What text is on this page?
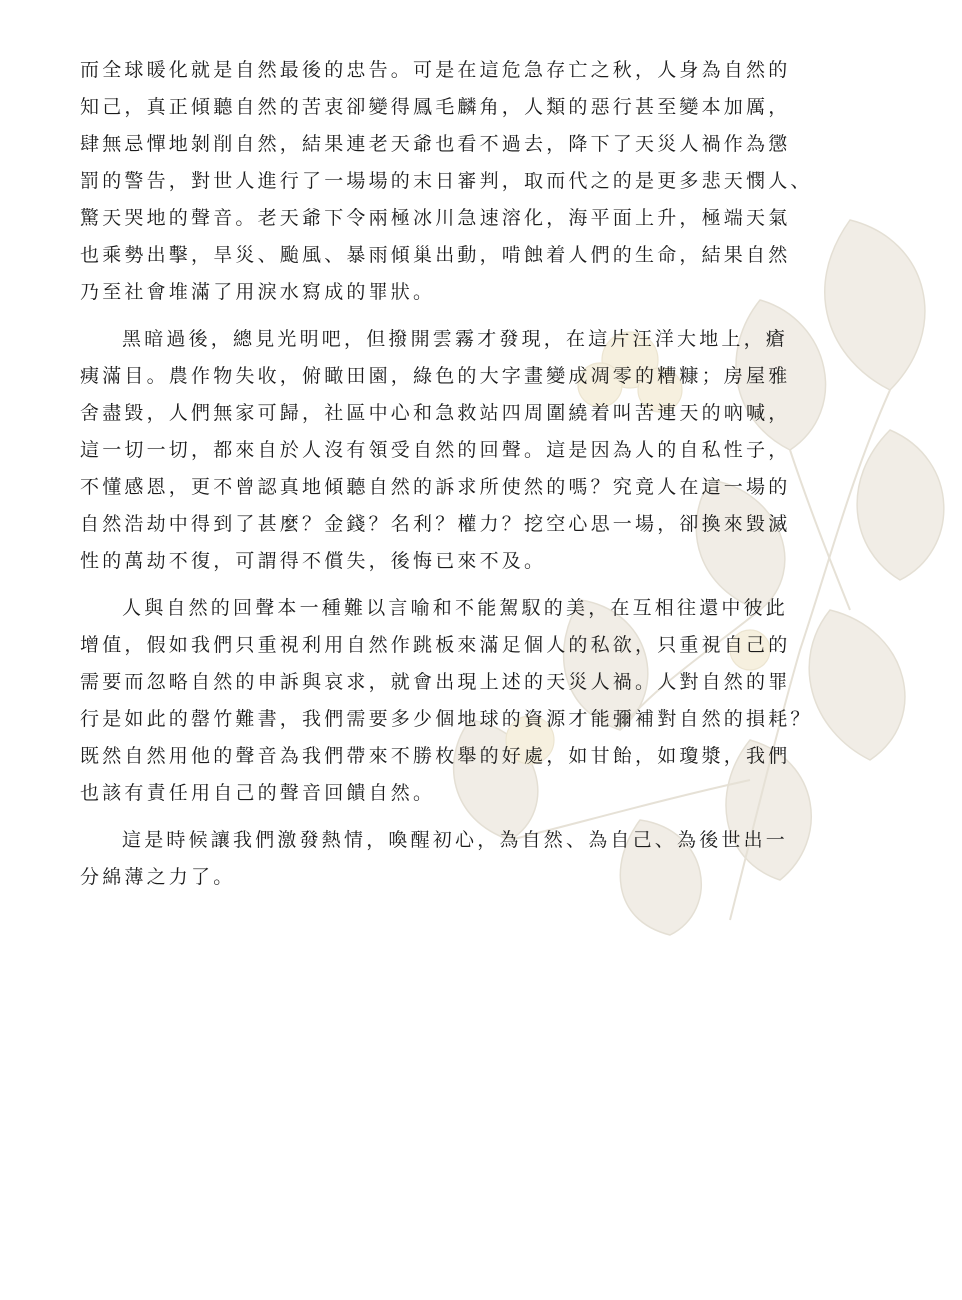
而全球暖化就是自然最後的忠告。可是在這危急存亡之秋，人身為自然的
知己，真正傾聽自然的苦衷卻變得鳳毛麟角，人類的惡行甚至變本加厲，
肆無忌憚地剝削自然，結果連老天爺也看不過去，降下了天災人禍作為懲
罰的警告，對世人進行了一場場的末日審判，取而代之的是更多悲天憫人、
驚天哭地的聲音。老天爺下令兩極冰川急速溶化，海平面上升，極端天氣
也乘勢出擊，旱災、颱風、暴雨傾巢出動，啃蝕着人們的生命，結果自然
乃至社會堆滿了用淚水寫成的罪狀。
黑暗過後，總見光明吧，但撥開雲霧才發現，在這片汪洋大地上，瘡
痍滿目。農作物失收，俯瞰田園，綠色的大字畫變成凋零的糟糠；房屋雅
舍盡毀，人們無家可歸，社區中心和急救站四周圍繞着叫苦連天的吶喊，
這一切一切，都來自於人沒有領受自然的回聲。這是因為人的自私性子，
不懂感恩，更不曾認真地傾聽自然的訴求所使然的嗎？究竟人在這一場的
自然浩劫中得到了甚麼？金錢？名利？權力？挖空心思一場，卻換來毀滅
性的萬劫不復，可謂得不償失，後悔已來不及。
人與自然的回聲本一種難以言喻和不能駕馭的美，在互相往還中彼此
增值，假如我們只重視利用自然作跳板來滿足個人的私欲，只重視自己的
需要而忽略自然的申訴與哀求，就會出現上述的天災人禍。人對自然的罪
行是如此的罄竹難書，我們需要多少個地球的資源才能彌補對自然的損耗？
既然自然用他的聲音為我們帶來不勝枚舉的好處，如甘飴，如瓊漿，我們
也該有責任用自己的聲音回饋自然。
這是時候讓我們激發熱情，喚醒初心，為自然、為自己、為後世出一
分綿薄之力了。
